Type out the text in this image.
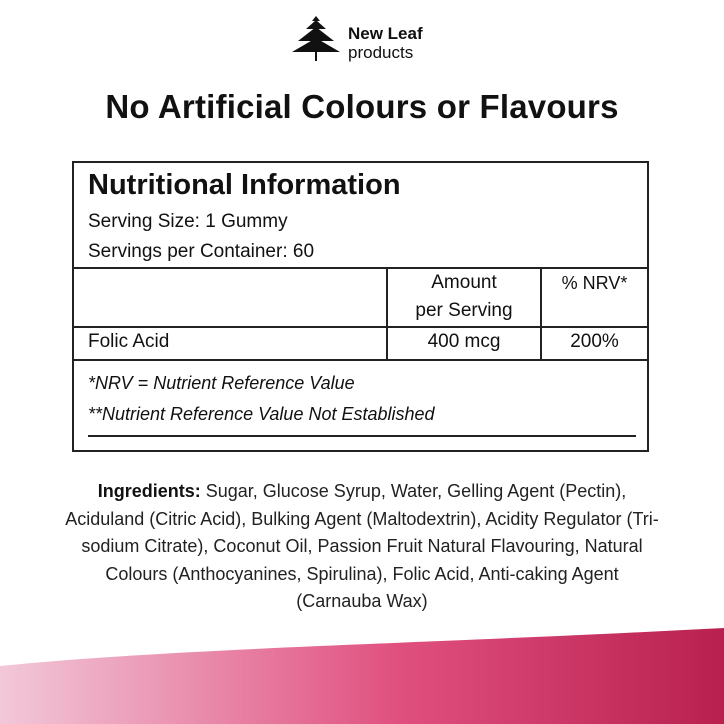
New Leaf
products
No Artificial Colours or Flavours
Nutritional Information
Serving Size: 1 Gummy
Servings per Container: 60
Amount
per Serving
% NRV*
Folic Acid	400 mcg	200%
*NRV = Nutrient Reference Value
**Nutrient Reference Value Not Established
Ingredients: Sugar, Glucose Syrup, Water, Gelling Agent (Pectin), Aciduland (Citric Acid), Bulking Agent (Maltodextrin), Acidity Regulator (Tri-sodium Citrate), Coconut Oil, Passion Fruit Natural Flavouring, Natural Colours (Anthocyanines, Spirulina), Folic Acid, Anti-caking Agent (Carnauba Wax)
